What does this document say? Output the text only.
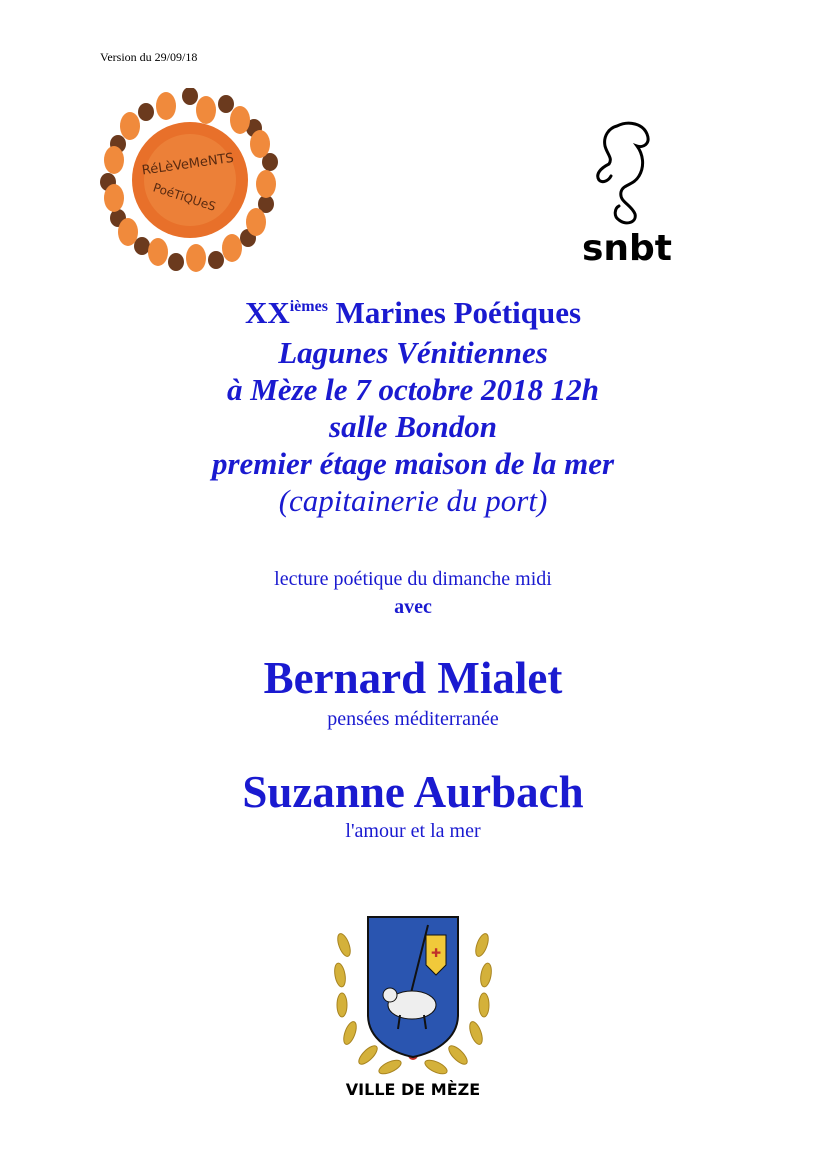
Version du 29/09/18
RéLèVeMeNTS
PoéTiQUeS
snbt
$XX^{ièmes}$ Marines Poétiques
Lagunes Vénitiennes
à Mèze le 7 octobre 2018 12h
salle Bondon
premier étage maison de la mer
(capitainerie du port)
lecture poétique du dimanche midi
avec
Bernard Mialet
pensées méditerranée
Suzanne Aurbach
l'amour et la mer
✚
VILLE DE MÈZE
